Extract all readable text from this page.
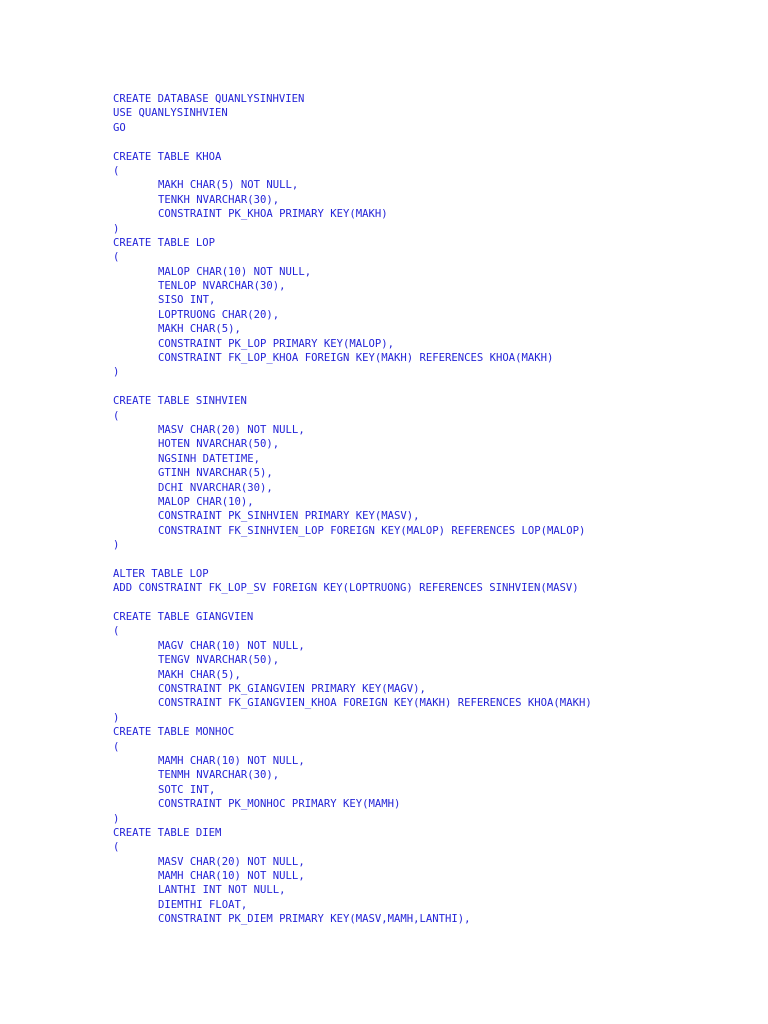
CREATE DATABASE QUANLYSINHVIEN
USE QUANLYSINHVIEN
GO
CREATE TABLE KHOA
(
MAKH CHAR(5) NOT NULL,
TENKH NVARCHAR(30),
CONSTRAINT PK_KHOA PRIMARY KEY(MAKH)
)
CREATE TABLE LOP
(
MALOP CHAR(10) NOT NULL,
TENLOP NVARCHAR(30),
SISO INT,
LOPTRUONG CHAR(20),
MAKH CHAR(5),
CONSTRAINT PK_LOP PRIMARY KEY(MALOP),
CONSTRAINT FK_LOP_KHOA FOREIGN KEY(MAKH) REFERENCES KHOA(MAKH)
)
CREATE TABLE SINHVIEN
(
MASV CHAR(20) NOT NULL,
HOTEN NVARCHAR(50),
NGSINH DATETIME,
GTINH NVARCHAR(5),
DCHI NVARCHAR(30),
MALOP CHAR(10),
CONSTRAINT PK_SINHVIEN PRIMARY KEY(MASV),
CONSTRAINT FK_SINHVIEN_LOP FOREIGN KEY(MALOP) REFERENCES LOP(MALOP)
)
ALTER TABLE LOP
ADD CONSTRAINT FK_LOP_SV FOREIGN KEY(LOPTRUONG) REFERENCES SINHVIEN(MASV)
CREATE TABLE GIANGVIEN
(
MAGV CHAR(10) NOT NULL,
TENGV NVARCHAR(50),
MAKH CHAR(5),
CONSTRAINT PK_GIANGVIEN PRIMARY KEY(MAGV),
CONSTRAINT FK_GIANGVIEN_KHOA FOREIGN KEY(MAKH) REFERENCES KHOA(MAKH)
)
CREATE TABLE MONHOC
(
MAMH CHAR(10) NOT NULL,
TENMH NVARCHAR(30),
SOTC INT,
CONSTRAINT PK_MONHOC PRIMARY KEY(MAMH)
)
CREATE TABLE DIEM
(
MASV CHAR(20) NOT NULL,
MAMH CHAR(10) NOT NULL,
LANTHI INT NOT NULL,
DIEMTHI FLOAT,
CONSTRAINT PK_DIEM PRIMARY KEY(MASV,MAMH,LANTHI),
